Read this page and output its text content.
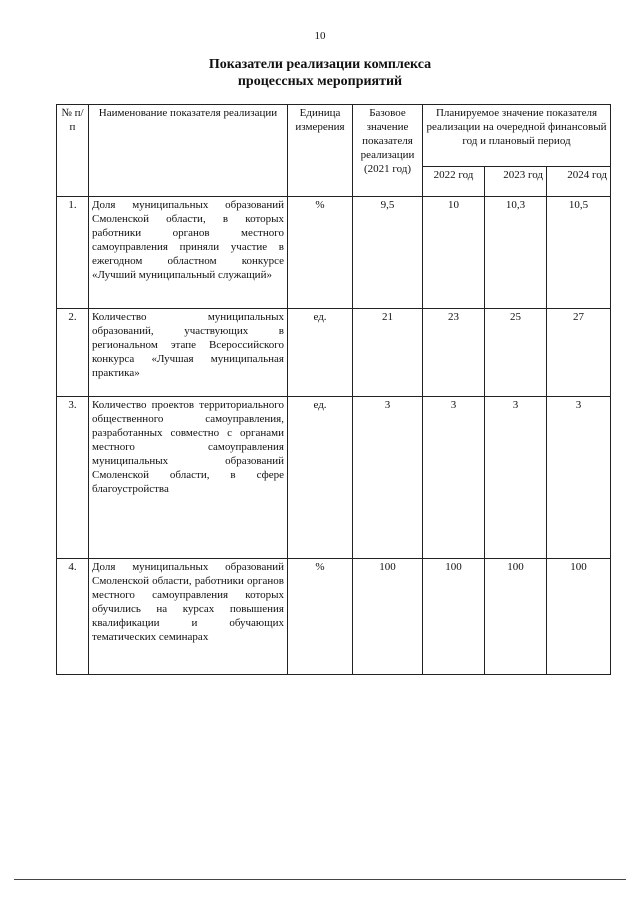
10
Показатели реализации комплекса
процессных мероприятий
№ п/п	Наименование показателя реализации	Единица измерения	Базовое значение показателя реализации (2021 год)	Планируемое значение показателя реализации на очередной финансовый год и плановый период		
				2022 год	2023 год	2024 год
1.	Доля муниципальных образований Смоленской области, в которых работники органов местного самоуправления приняли участие в ежегодном областном конкурсе «Лучший муниципальный служащий»	%	9,5	10	10,3	10,5
2.	Количество муниципальных образований, участвующих в региональном этапе Всероссийского конкурса «Лучшая муниципальная практика»	ед.	21	23	25	27
3.	Количество проектов территориального общественного самоуправления, разработанных совместно с органами местного самоуправления муниципальных образований Смоленской области, в сфере благоустройства	ед.	3	3	3	3
4.	Доля муниципальных образований Смоленской области, работники органов местного самоуправления которых обучились на курсах повышения квалификации и обучающих тематических семинарах	%	100	100	100	100
